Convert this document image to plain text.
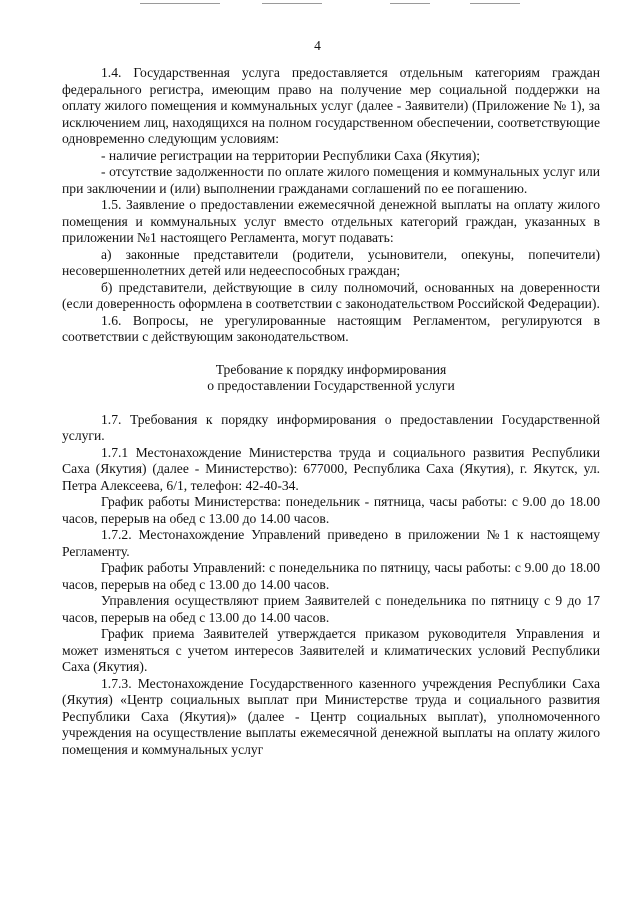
4

1.4. Государственная услуга предоставляется отдельным категориям граждан федерального регистра, имеющим право на получение мер социальной поддержки на оплату жилого помещения и коммунальных услуг (далее - Заявители) (Приложение № 1), за исключением лиц, находящихся на полном государственном обеспечении, соответствующие одновременно следующим условиям:

- наличие регистрации на территории Республики Саха (Якутия);

- отсутствие задолженности по оплате жилого помещения и коммунальных услуг или при заключении и (или) выполнении гражданами соглашений по ее погашению.

1.5. Заявление о предоставлении ежемесячной денежной выплаты на оплату жилого помещения и коммунальных услуг вместо отдельных категорий граждан, указанных в приложении №1 настоящего Регламента, могут подавать:

а) законные представители (родители, усыновители, опекуны, попечители) несовершеннолетних детей или недееспособных граждан;

б) представители, действующие в силу полномочий, основанных на доверенности (если доверенность оформлена в соответствии с законодательством Российской Федерации).

1.6. Вопросы, не урегулированные настоящим Регламентом, регулируются в соответствии с действующим законодательством.

Требование к порядку информирования

о предоставлении Государственной услуги

1.7. Требования к порядку информирования о предоставлении Государственной услуги.

1.7.1 Местонахождение Министерства труда и социального развития Республики Саха (Якутия) (далее - Министерство): 677000, Республика Саха (Якутия), г. Якутск, ул. Петра Алексеева, 6/1, телефон: 42-40-34.

График работы Министерства: понедельник - пятница, часы работы: с 9.00 до 18.00 часов, перерыв на обед с 13.00 до 14.00 часов.

1.7.2. Местонахождение Управлений приведено в приложении №1 к настоящему Регламенту.

График работы Управлений: с понедельника по пятницу, часы работы: с 9.00 до 18.00 часов, перерыв на обед с 13.00 до 14.00 часов.

Управления осуществляют прием Заявителей с понедельника по пятницу с 9 до 17 часов, перерыв на обед с 13.00 до 14.00 часов.

График приема Заявителей утверждается приказом руководителя Управления и может изменяться с учетом интересов Заявителей и климатических условий Республики Саха (Якутия).

1.7.3. Местонахождение Государственного казенного учреждения Республики Саха (Якутия) «Центр социальных выплат при Министерстве труда и социального развития Республики Саха (Якутия)» (далее - Центр социальных выплат), уполномоченного учреждения на осуществление выплаты ежемесячной денежной выплаты на оплату жилого помещения и коммунальных услуг
